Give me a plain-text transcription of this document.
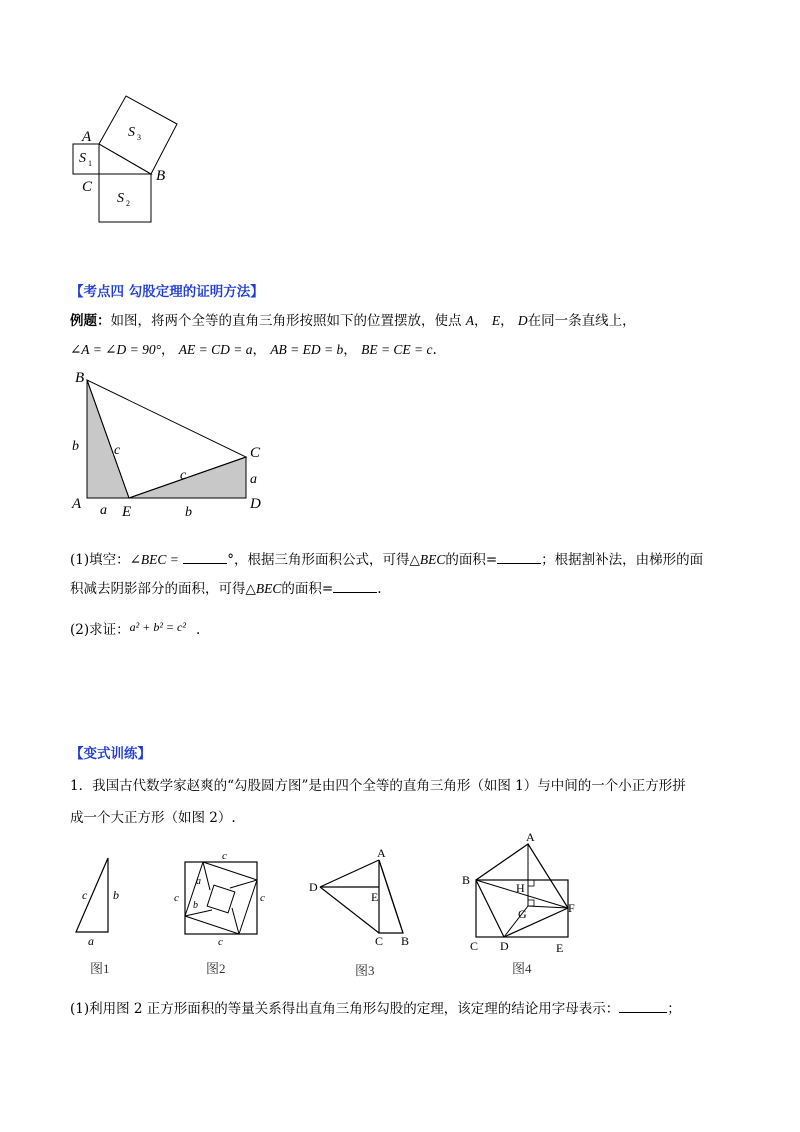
A
C
B
S 1
S 2
S 3
【考点四 勾股定理的证明方法】
例题：如图，将两个全等的直角三角形按照如下的位置摆放，使点 A， E， D在同一条直线上，
∠A = ∠D = 90°， AE = CD = a， AB = ED = b， BE = CE = c.
B
C
A	E	D
b	c
c	a
a	b
(1)填空：∠BEC =	°，根据三角形面积公式，可得△BEC的面积=	；根据割补法，由梯形的面
积减去阴影部分的面积，可得△BEC的面积=	.
(2)求证：a² + b² = c² .
【变式训练】
1．我国古代数学家赵爽的“勾股圆方图”是由四个全等的直角三角形（如图 1）与中间的一个小正方形拼
成一个大正方形（如图 2）.
c b
a
c
c	c
c
a
b
A
D
E
C B
A
B
H
G	F
C D	E
图1	图2	图3	图4
(1)利用图 2 正方形面积的等量关系得出直角三角形勾股的定理，该定理的结论用字母表示：	；
